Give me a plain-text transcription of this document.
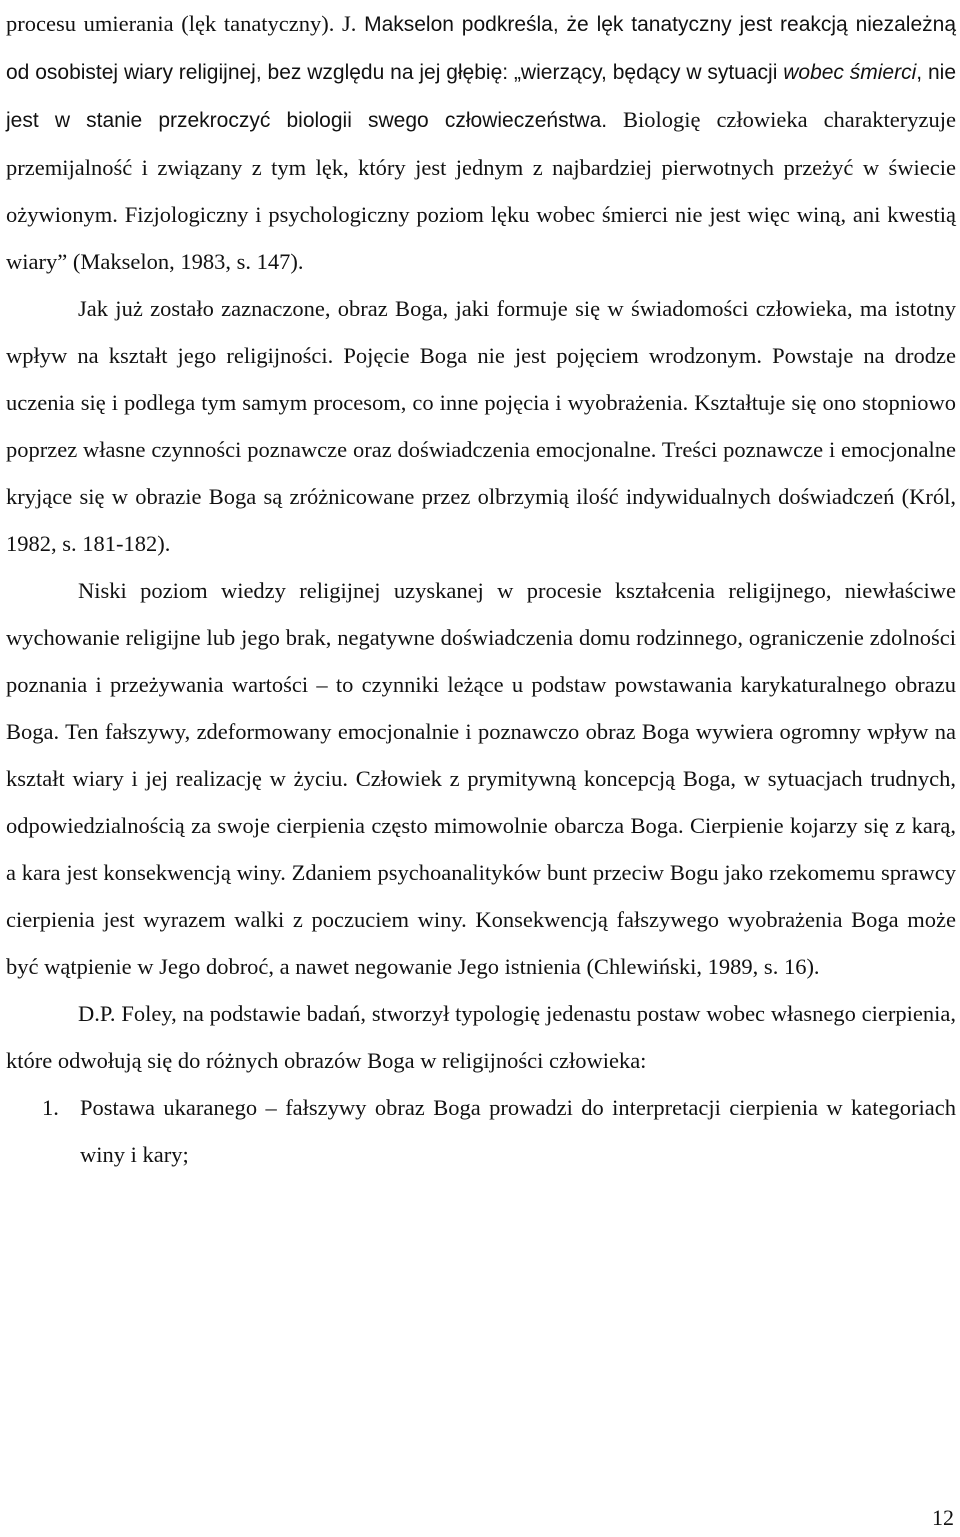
procesu umierania (lęk tanatyczny). J. Makselon podkreśla, że lęk tanatyczny jest reakcją niezależną od osobistej wiary religijnej, bez względu na jej głębię: „wierzący, będący w sytuacji wobec śmierci, nie jest w stanie przekroczyć biologii swego człowieczeństwa. Biologię człowieka charakteryzuje przemijalność i związany z tym lęk, który jest jednym z najbardziej pierwotnych przeżyć w świecie ożywionym. Fizjologiczny i psychologiczny poziom lęku wobec śmierci nie jest więc winą, ani kwestią wiary” (Makselon, 1983, s. 147).

Jak już zostało zaznaczone, obraz Boga, jaki formuje się w świadomości człowieka, ma istotny wpływ na kształt jego religijności. Pojęcie Boga nie jest pojęciem wrodzonym. Powstaje na drodze uczenia się i podlega tym samym procesom, co inne pojęcia i wyobrażenia. Kształtuje się ono stopniowo poprzez własne czynności poznawcze oraz doświadczenia emocjonalne. Treści poznawcze i emocjonalne kryjące się w obrazie Boga są zróżnicowane przez olbrzymią ilość indywidualnych doświadczeń (Król, 1982, s. 181-182).

Niski poziom wiedzy religijnej uzyskanej w procesie kształcenia religijnego, niewłaściwe wychowanie religijne lub jego brak, negatywne doświadczenia domu rodzinnego, ograniczenie zdolności poznania i przeżywania wartości – to czynniki leżące u podstaw powstawania karykaturalnego obrazu Boga. Ten fałszywy, zdeformowany emocjonalnie i poznawczo obraz Boga wywiera ogromny wpływ na kształt wiary i jej realizację w życiu. Człowiek z prymitywną koncepcją Boga, w sytuacjach trudnych, odpowiedzialnością za swoje cierpienia często mimowolnie obarcza Boga. Cierpienie kojarzy się z karą, a kara jest konsekwencją winy. Zdaniem psychoanalityków bunt przeciw Bogu jako rzekomemu sprawcy cierpienia jest wyrazem walki z poczuciem winy. Konsekwencją fałszywego wyobrażenia Boga może być wątpienie w Jego dobroć, a nawet negowanie Jego istnienia (Chlewiński, 1989, s. 16).

D.P. Foley, na podstawie badań, stworzył typologię jedenastu postaw wobec własnego cierpienia, które odwołują się do różnych obrazów Boga w religijności człowieka:

1. Postawa ukaranego – fałszywy obraz Boga prowadzi do interpretacji cierpienia w kategoriach winy i kary;

12
